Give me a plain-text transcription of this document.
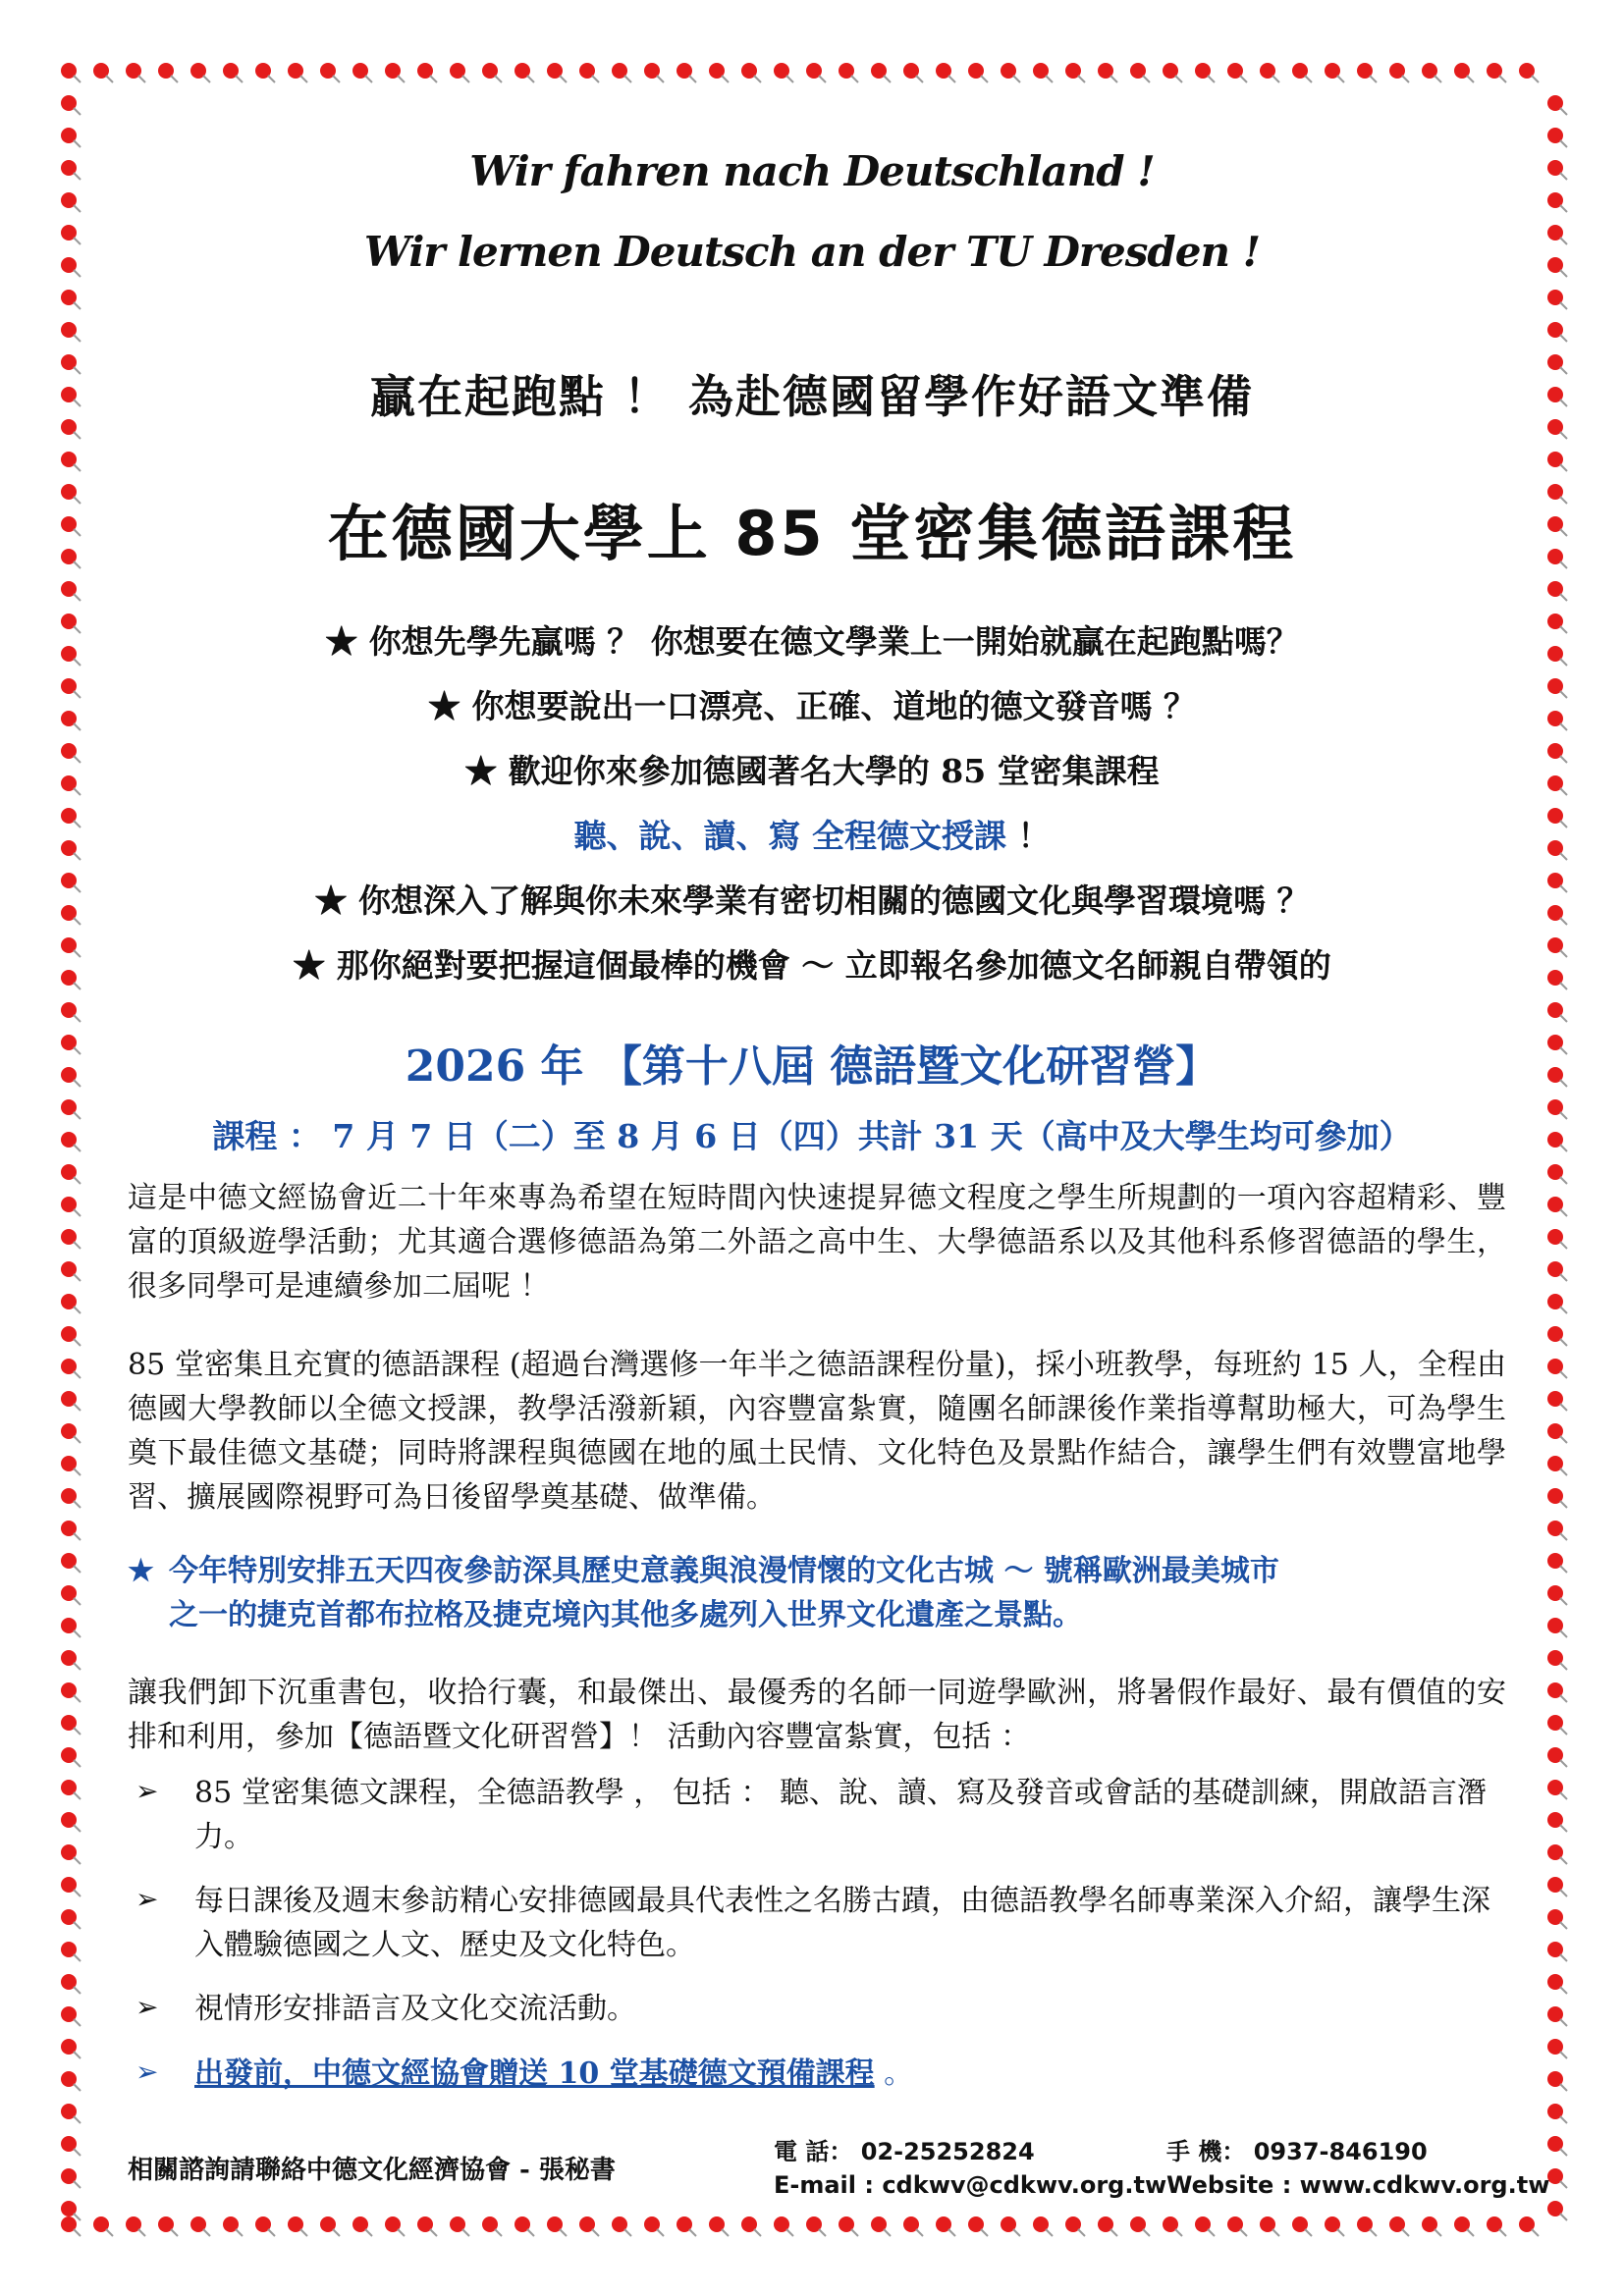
Wir fahren nach Deutschland !
Wir lernen Deutsch an der TU Dresden !
贏在起跑點 ！ 為赴德國留學作好語文準備
在德國大學上 85 堂密集德語課程
★ 你想先學先贏嗎 ？ 你想要在德文學業上一開始就贏在起跑點嗎？
★ 你想要說出一口漂亮、正確、道地的德文發音嗎 ？
★ 歡迎你來參加德國著名大學的 85 堂密集課程
聽、說、讀、寫 全程德文授課 ！
★ 你想深入了解與你未來學業有密切相關的德國文化與學習環境嗎 ？
★ 那你絕對要把握這個最棒的機會 ～ 立即報名參加德文名師親自帶領的
2026 年 【第十八屆 德語暨文化研習營】
課程 ： 7 月 7 日（二）至 8 月 6 日（四）共計 31 天（高中及大學生均可參加）
這是中德文經協會近二十年來專為希望在短時間內快速提昇德文程度之學生所規劃的一項內容超精彩、豐富的頂級遊學活動；尤其適合選修德語為第二外語之高中生、大學德語系以及其他科系修習德語的學生，很多同學可是連續參加二屆呢 ！
85 堂密集且充實的德語課程 (超過台灣選修一年半之德語課程份量)，採小班教學，每班約 15 人，全程由德國大學教師以全德文授課，教學活潑新穎，內容豐富紮實，隨團名師課後作業指導幫助極大，可為學生奠下最佳德文基礎；同時將課程與德國在地的風土民情、文化特色及景點作結合，讓學生們有效豐富地學習、擴展國際視野可為日後留學奠基礎、做準備。
★ 今年特別安排五天四夜參訪深具歷史意義與浪漫情懷的文化古城 ～ 號稱歐洲最美城市
之一的捷克首都布拉格及捷克境內其他多處列入世界文化遺產之景點。
讓我們卸下沉重書包，收拾行囊，和最傑出、最優秀的名師一同遊學歐洲，將暑假作最好、最有價值的安排和利用，參加【德語暨文化研習營】！ 活動內容豐富紮實，包括 ：
➢ 85 堂密集德文課程，全德語教學 ， 包括 ： 聽、說、讀、寫及發音或會話的基礎訓練，開啟語言潛力。
➢ 每日課後及週末參訪精心安排德國最具代表性之名勝古蹟，由德語教學名師專業深入介紹，讓學生深入體驗德國之人文、歷史及文化特色。
➢ 視情形安排語言及文化交流活動。
➢ 出發前，中德文經協會贈送 10 堂基礎德文預備課程 。
相關諮詢請聯絡中德文化經濟協會 - 張秘書
電 話： 02-25252824	手 機： 0937-846190
E-mail : cdkwv@cdkwv.org.tw Website : www.cdkwv.org.tw
